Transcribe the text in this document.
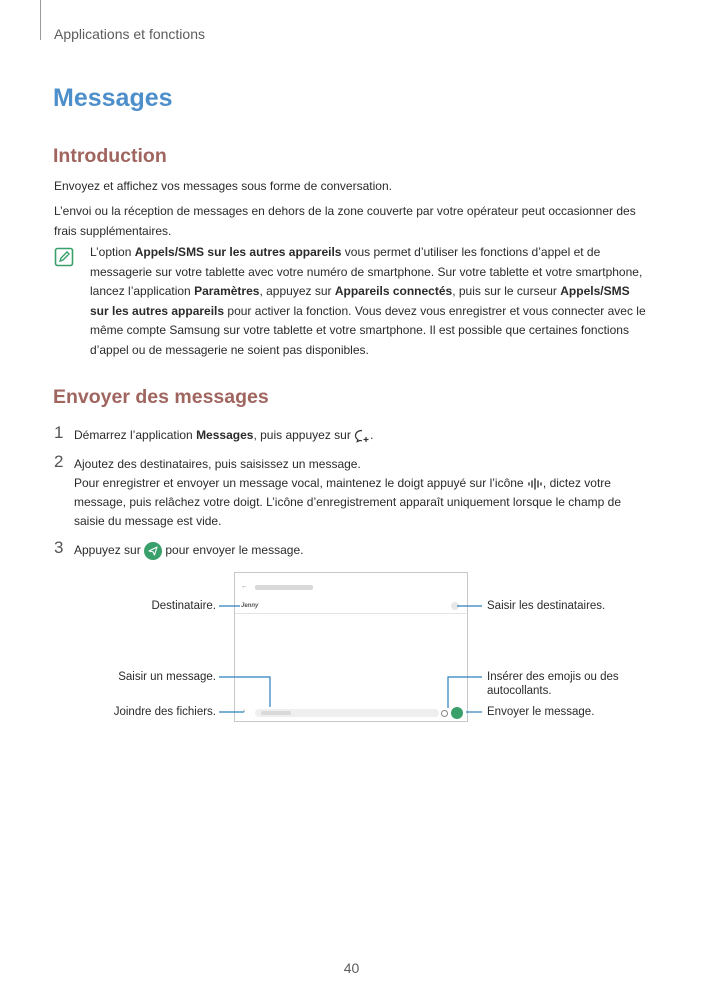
Applications et fonctions
Messages
Introduction

Envoyez et affichez vos messages sous forme de conversation.

L’envoi ou la réception de messages en dehors de la zone couverte par votre opérateur peut occasionner des frais supplémentaires.

L’option Appels/SMS sur les autres appareils vous permet d’utiliser les fonctions d’appel et de messagerie sur votre tablette avec votre numéro de smartphone. Sur votre tablette et votre smartphone, lancez l’application Paramètres, appuyez sur Appareils connectés, puis sur le curseur Appels/SMS sur les autres appareils pour activer la fonction. Vous devez vous enregistrer et vous connecter avec le même compte Samsung sur votre tablette et votre smartphone. Il est possible que certaines fonctions d’appel ou de messagerie ne soient pas disponibles.

Envoyer des messages
1 Démarrez l’application Messages, puis appuyez sur .

2 Ajoutez des destinataires, puis saisissez un message.

Pour enregistrer et envoyer un message vocal, maintenez le doigt appuyé sur l’icône , dictez votre message, puis relâchez votre doigt. L’icône d’enregistrement apparaît uniquement lorsque le champ de saisie du message est vide.

3 Appuyez sur  pour envoyer le message.

←
Jenny
›
Destinataire.	Saisir les destinataires.
Saisir un message.	Insérer des emojis ou des autocollants.
Joindre des fichiers.	Envoyer le message.
40
